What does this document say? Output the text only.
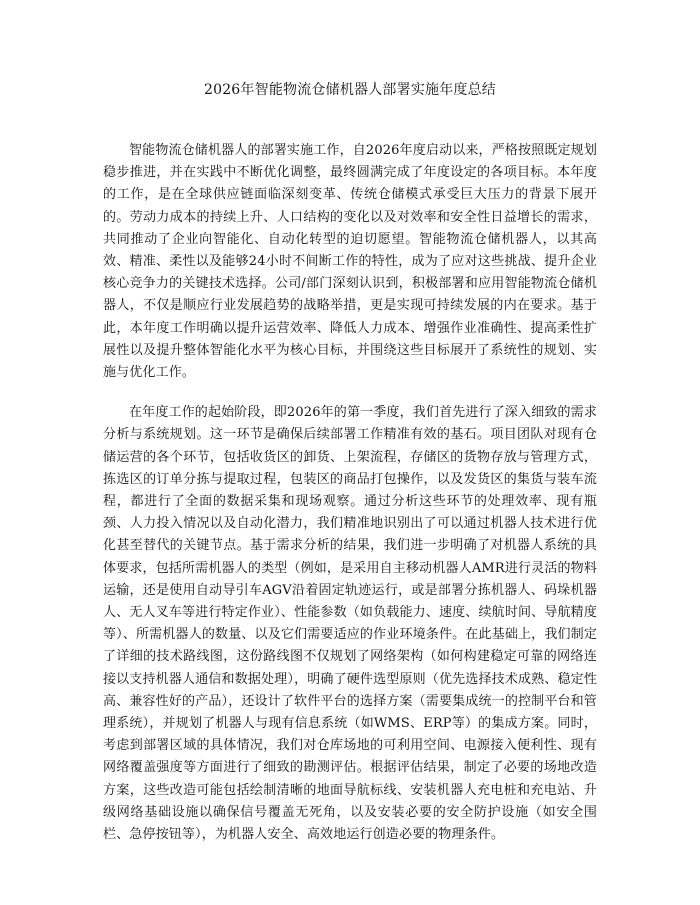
2026年智能物流仓储机器人部署实施年度总结

智能物流仓储机器人的部署实施工作，自2026年度启动以来，严格按照既定规划稳步推进，并在实践中不断优化调整，最终圆满完成了年度设定的各项目标。本年度的工作，是在全球供应链面临深刻变革、传统仓储模式承受巨大压力的背景下展开的。劳动力成本的持续上升、人口结构的变化以及对效率和安全性日益增长的需求，共同推动了企业向智能化、自动化转型的迫切愿望。智能物流仓储机器人，以其高效、精准、柔性以及能够24小时不间断工作的特性，成为了应对这些挑战、提升企业核心竞争力的关键技术选择。公司/部门深刻认识到，积极部署和应用智能物流仓储机器人，不仅是顺应行业发展趋势的战略举措，更是实现可持续发展的内在要求。基于此，本年度工作明确以提升运营效率、降低人力成本、增强作业准确性、提高柔性扩展性以及提升整体智能化水平为核心目标，并围绕这些目标展开了系统性的规划、实施与优化工作。

在年度工作的起始阶段，即2026年的第一季度，我们首先进行了深入细致的需求分析与系统规划。这一环节是确保后续部署工作精准有效的基石。项目团队对现有仓储运营的各个环节，包括收货区的卸货、上架流程，存储区的货物存放与管理方式，拣选区的订单分拣与提取过程，包装区的商品打包操作，以及发货区的集货与装车流程，都进行了全面的数据采集和现场观察。通过分析这些环节的处理效率、现有瓶颈、人力投入情况以及自动化潜力，我们精准地识别出了可以通过机器人技术进行优化甚至替代的关键节点。基于需求分析的结果，我们进一步明确了对机器人系统的具体要求，包括所需机器人的类型（例如，是采用自主移动机器人AMR进行灵活的物料运输，还是使用自动导引车AGV沿着固定轨迹运行，或是部署分拣机器人、码垛机器人、无人叉车等进行特定作业）、性能参数（如负载能力、速度、续航时间、导航精度等）、所需机器人的数量、以及它们需要适应的作业环境条件。在此基础上，我们制定了详细的技术路线图，这份路线图不仅规划了网络架构（如何构建稳定可靠的网络连接以支持机器人通信和数据处理），明确了硬件选型原则（优先选择技术成熟、稳定性高、兼容性好的产品），还设计了软件平台的选择方案（需要集成统一的控制平台和管理系统），并规划了机器人与现有信息系统（如WMS、ERP等）的集成方案。同时，考虑到部署区域的具体情况，我们对仓库场地的可利用空间、电源接入便利性、现有网络覆盖强度等方面进行了细致的勘测评估。根据评估结果，制定了必要的场地改造方案，这些改造可能包括绘制清晰的地面导航标线、安装机器人充电桩和充电站、升级网络基础设施以确保信号覆盖无死角，以及安装必要的安全防护设施（如安全围栏、急停按钮等），为机器人安全、高效地运行创造必要的物理条件。
